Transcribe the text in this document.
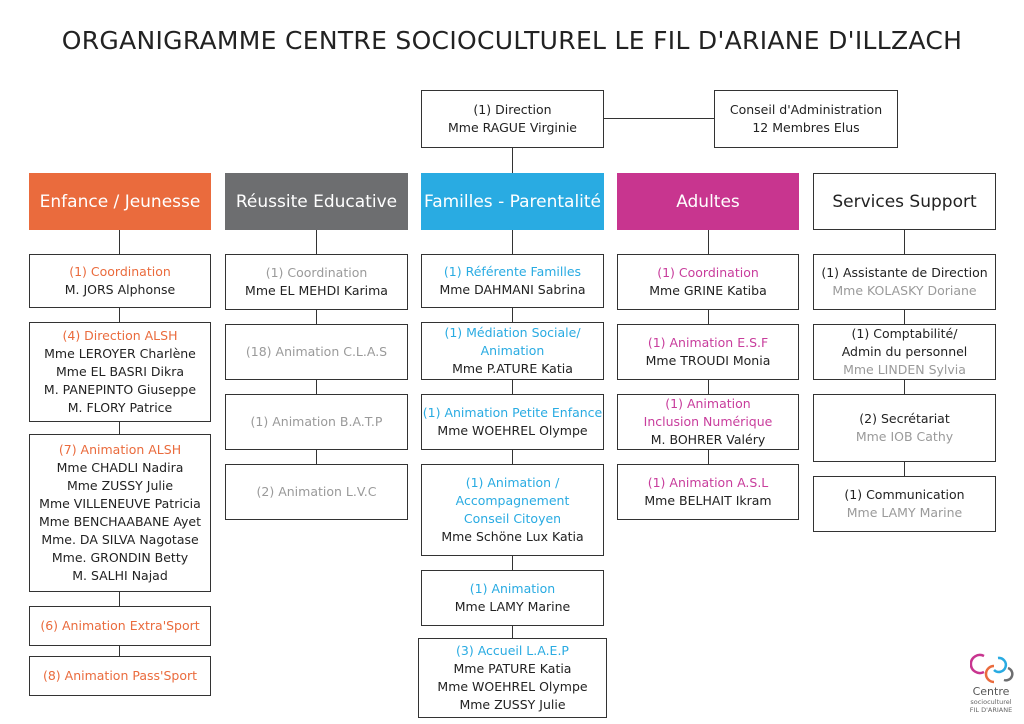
ORGANIGRAMME CENTRE SOCIOCULTUREL LE FIL D'ARIANE D'ILLZACH
(1) Direction
Mme RAGUE Virginie
Conseil d'Administration
12 Membres Elus
Enfance / Jeunesse	Réussite Educative	Familles - Parentalité	Adultes	Services Support
(1) Coordination
M. JORS Alphonse
(4) Direction ALSH
Mme LEROYER Charlène
Mme EL BASRI Dikra
M. PANEPINTO Giuseppe
M. FLORY Patrice
(7) Animation ALSH
Mme CHADLI Nadira
Mme ZUSSY Julie
Mme VILLENEUVE Patricia
Mme BENCHAABANE Ayet
Mme. DA SILVA Nagotase
Mme. GRONDIN Betty
M. SALHI Najad
(6) Animation Extra'Sport
(8) Animation Pass'Sport
(1) Coordination
Mme EL MEHDI Karima
(18) Animation C.L.A.S
(1) Animation B.A.T.P
(2) Animation L.V.C
(1) Référente Familles
Mme DAHMANI Sabrina
(1) Médiation Sociale/
Animation
Mme P.ATURE Katia
(1) Animation Petite Enfance
Mme WOEHREL Olympe
(1) Animation /
Accompagnement
Conseil Citoyen
Mme Schöne Lux Katia
(1) Animation
Mme LAMY Marine
(3) Accueil L.A.E.P
Mme PATURE Katia
Mme WOEHREL Olympe
Mme ZUSSY Julie
(1) Coordination
Mme GRINE Katiba
(1) Animation E.S.F
Mme TROUDI Monia
(1) Animation
Inclusion Numérique
M. BOHRER Valéry
(1) Animation A.S.L
Mme BELHAIT Ikram
(1) Assistante de Direction
Mme KOLASKY Doriane
(1) Comptabilité/
Admin du personnel
Mme LINDEN Sylvia
(2) Secrétariat
Mme IOB Cathy
(1) Communication
Mme LAMY Marine
Centre
socioculturel
FIL D'ARIANE
